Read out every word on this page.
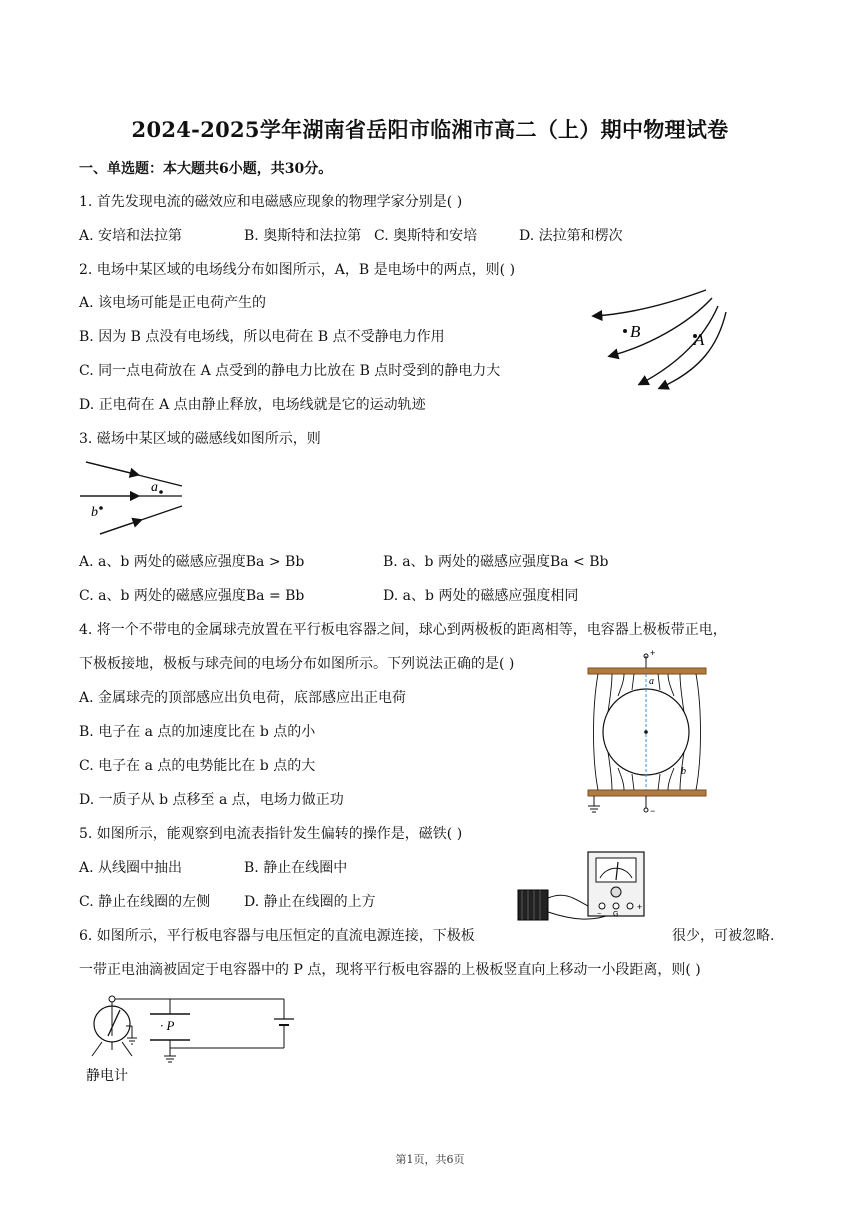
2024-2025学年湖南省岳阳市临湘市高二（上）期中物理试卷
一、单选题：本大题共6小题，共30分。
1. 首先发现电流的磁效应和电磁感应现象的物理学家分别是( )
A. 安培和法拉第	B. 奥斯特和法拉第 C. 奥斯特和安培	D. 法拉第和楞次
2. 电场中某区域的电场线分布如图所示，A，B 是电场中的两点，则( )
A. 该电场可能是正电荷产生的
B. 因为 B 点没有电场线，所以电荷在 B 点不受静电力作用
C. 同一点电荷放在 A 点受到的静电力比放在 B 点时受到的静电力大
D. 正电荷在 A 点由静止释放，电场线就是它的运动轨迹
B	A
3. 磁场中某区域的磁感线如图所示，则
a
b
A. a、b 两处的磁感应强度Ba > Bb	B. a、b 两处的磁感应强度Ba < Bb
C. a、b 两处的磁感应强度Ba = Bb	D. a、b 两处的磁感应强度相同
4. 将一个不带电的金属球壳放置在平行板电容器之间，球心到两极板的距离相等，电容器上极板带正电，
下极板接地，极板与球壳间的电场分布如图所示。下列说法正确的是( )
A. 金属球壳的顶部感应出负电荷，底部感应出正电荷
B. 电子在 a 点的加速度比在 b 点的小
C. 电子在 a 点的电势能比在 b 点的大
D. 一质子从 b 点移至 a 点，电场力做正功
+
−
a
b
5. 如图所示，能观察到电流表指针发生偏转的操作是，磁铁( )
A. 从线圈中抽出	B. 静止在线圈中
C. 静止在线圈的左侧 D. 静止在线圈的上方
− G
+
6. 如图所示，平行板电容器与电压恒定的直流电源连接，下极板	很少，可被忽略.
一带正电油滴被固定于电容器中的 P 点，现将平行板电容器的上极板竖直向上移动一小段距离，则( )
· P
静电计
第1页，共6页
